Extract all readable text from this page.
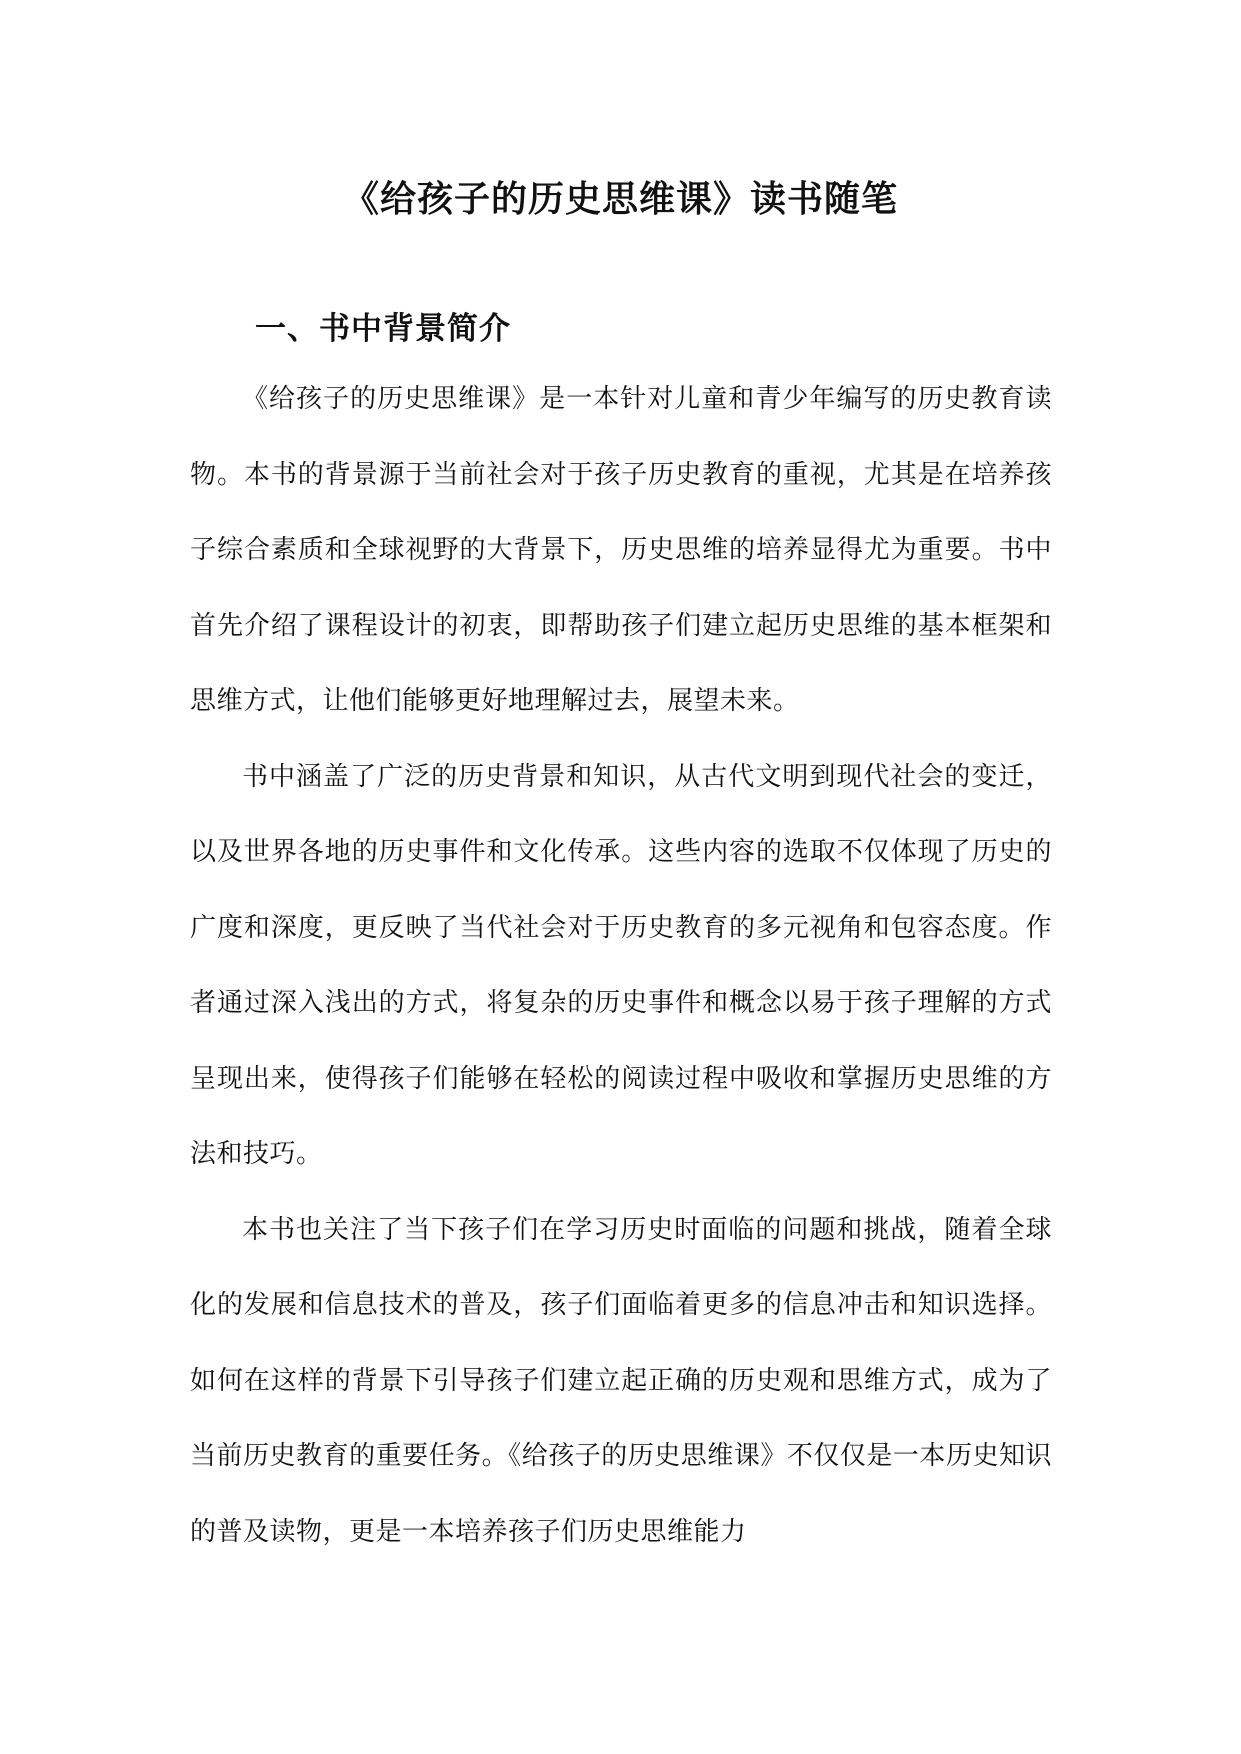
《给孩子的历史思维课》读书随笔
一、书中背景简介

《给孩子的历史思维课》是一本针对儿童和青少年编写的历史教育读物。本书的背景源于当前社会对于孩子历史教育的重视，尤其是在培养孩子综合素质和全球视野的大背景下，历史思维的培养显得尤为重要。书中首先介绍了课程设计的初衷，即帮助孩子们建立起历史思维的基本框架和思维方式，让他们能够更好地理解过去，展望未来。

书中涵盖了广泛的历史背景和知识，从古代文明到现代社会的变迁，以及世界各地的历史事件和文化传承。这些内容的选取不仅体现了历史的广度和深度，更反映了当代社会对于历史教育的多元视角和包容态度。作者通过深入浅出的方式，将复杂的历史事件和概念以易于孩子理解的方式呈现出来，使得孩子们能够在轻松的阅读过程中吸收和掌握历史思维的方法和技巧。

本书也关注了当下孩子们在学习历史时面临的问题和挑战，随着全球化的发展和信息技术的普及，孩子们面临着更多的信息冲击和知识选择。如何在这样的背景下引导孩子们建立起正确的历史观和思维方式，成为了当前历史教育的重要任务。《给孩子的历史思维课》不仅仅是一本历史知识的普及读物，更是一本培养孩子们历史思维能力
